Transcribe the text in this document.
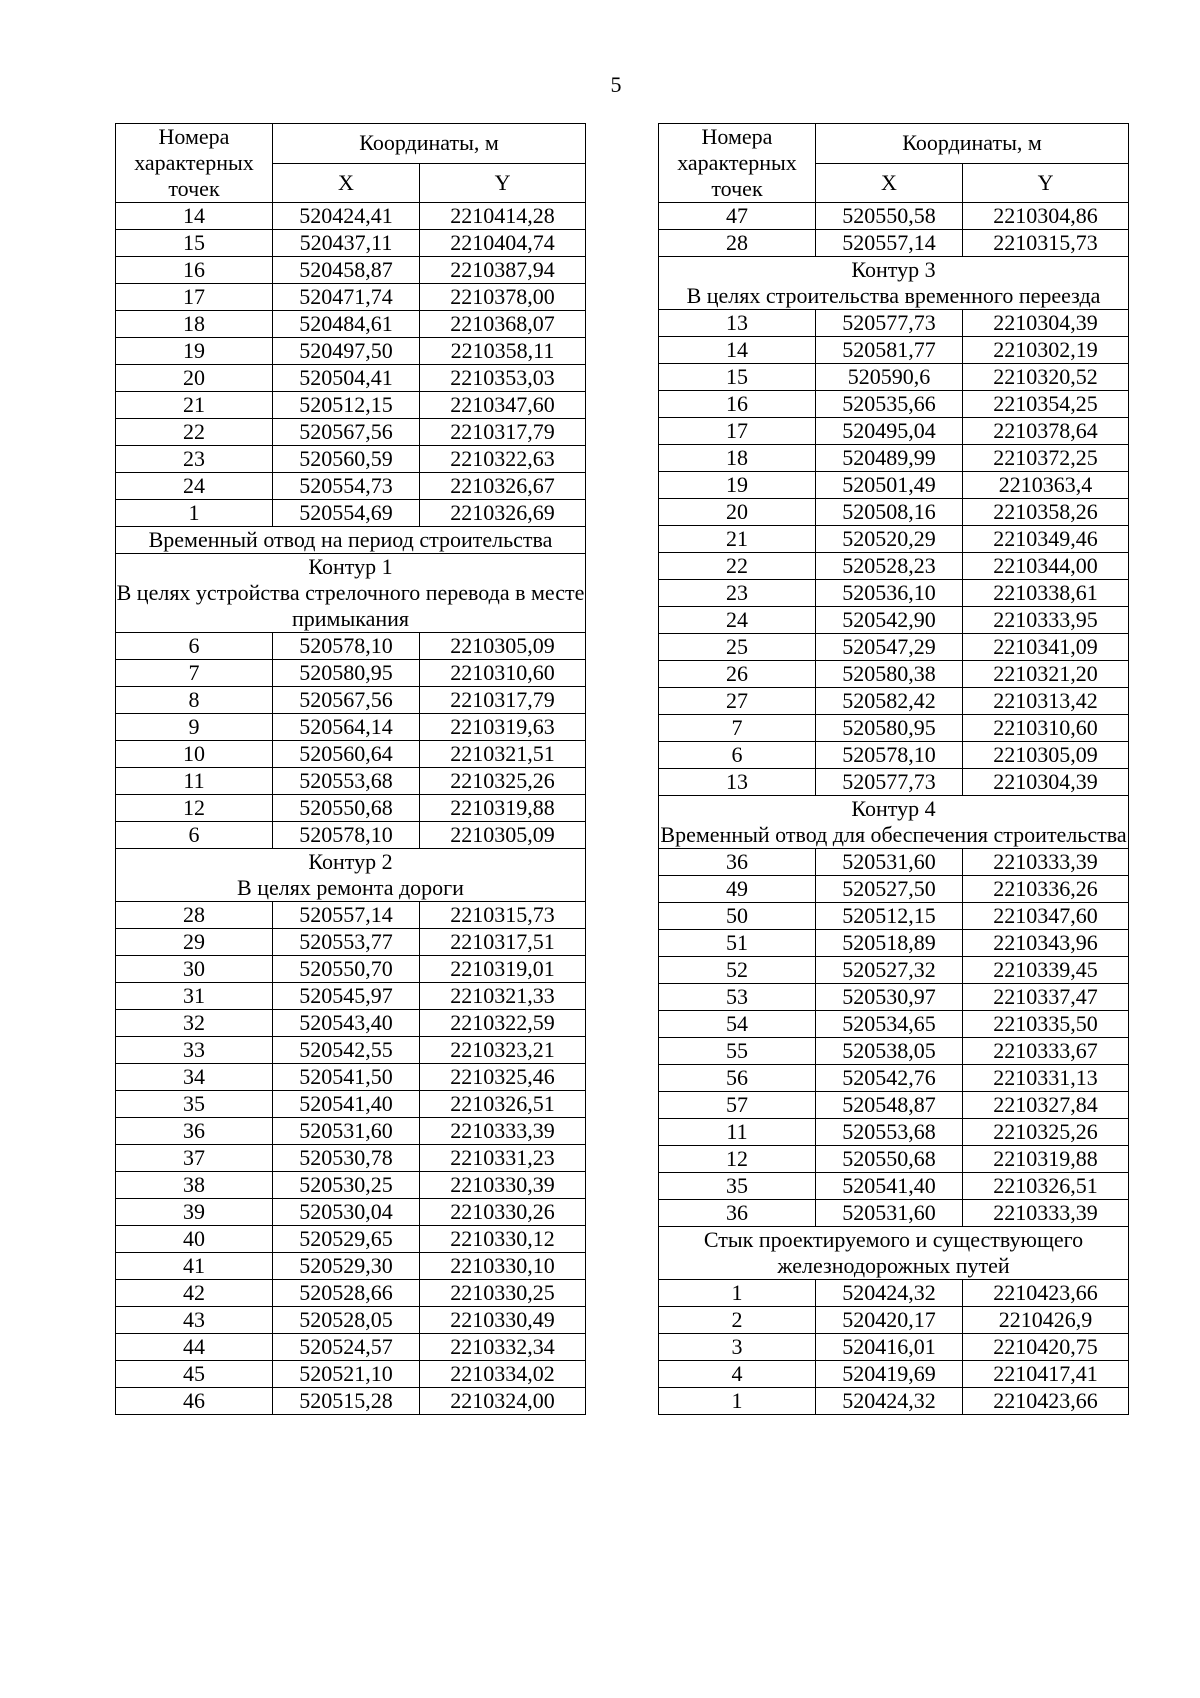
5
Номера характерных точек	Координаты, м	
	X	Y
14	520424,41	2210414,28
15	520437,11	2210404,74
16	520458,87	2210387,94
17	520471,74	2210378,00
18	520484,61	2210368,07
19	520497,50	2210358,11
20	520504,41	2210353,03
21	520512,15	2210347,60
22	520567,56	2210317,79
23	520560,59	2210322,63
24	520554,73	2210326,67
1	520554,69	2210326,69
Временный отвод на период строительства		
Контур 1
В целях устройства стрелочного перевода в месте примыкания		
6	520578,10	2210305,09
7	520580,95	2210310,60
8	520567,56	2210317,79
9	520564,14	2210319,63
10	520560,64	2210321,51
11	520553,68	2210325,26
12	520550,68	2210319,88
6	520578,10	2210305,09
Контур 2
В целях ремонта дороги		
28	520557,14	2210315,73
29	520553,77	2210317,51
30	520550,70	2210319,01
31	520545,97	2210321,33
32	520543,40	2210322,59
33	520542,55	2210323,21
34	520541,50	2210325,46
35	520541,40	2210326,51
36	520531,60	2210333,39
37	520530,78	2210331,23
38	520530,25	2210330,39
39	520530,04	2210330,26
40	520529,65	2210330,12
41	520529,30	2210330,10
42	520528,66	2210330,25
43	520528,05	2210330,49
44	520524,57	2210332,34
45	520521,10	2210334,02
46	520515,28	2210324,00
Номера характерных точек	Координаты, м	
	X	Y
47	520550,58	2210304,86
28	520557,14	2210315,73
Контур 3
В целях строительства временного переезда		
13	520577,73	2210304,39
14	520581,77	2210302,19
15	520590,6	2210320,52
16	520535,66	2210354,25
17	520495,04	2210378,64
18	520489,99	2210372,25
19	520501,49	2210363,4
20	520508,16	2210358,26
21	520520,29	2210349,46
22	520528,23	2210344,00
23	520536,10	2210338,61
24	520542,90	2210333,95
25	520547,29	2210341,09
26	520580,38	2210321,20
27	520582,42	2210313,42
7	520580,95	2210310,60
6	520578,10	2210305,09
13	520577,73	2210304,39
Контур 4
Временный отвод для обеспечения строительства		
36	520531,60	2210333,39
49	520527,50	2210336,26
50	520512,15	2210347,60
51	520518,89	2210343,96
52	520527,32	2210339,45
53	520530,97	2210337,47
54	520534,65	2210335,50
55	520538,05	2210333,67
56	520542,76	2210331,13
57	520548,87	2210327,84
11	520553,68	2210325,26
12	520550,68	2210319,88
35	520541,40	2210326,51
36	520531,60	2210333,39
Стык проектируемого и существующего железнодорожных путей		
1	520424,32	2210423,66
2	520420,17	2210426,9
3	520416,01	2210420,75
4	520419,69	2210417,41
1	520424,32	2210423,66
